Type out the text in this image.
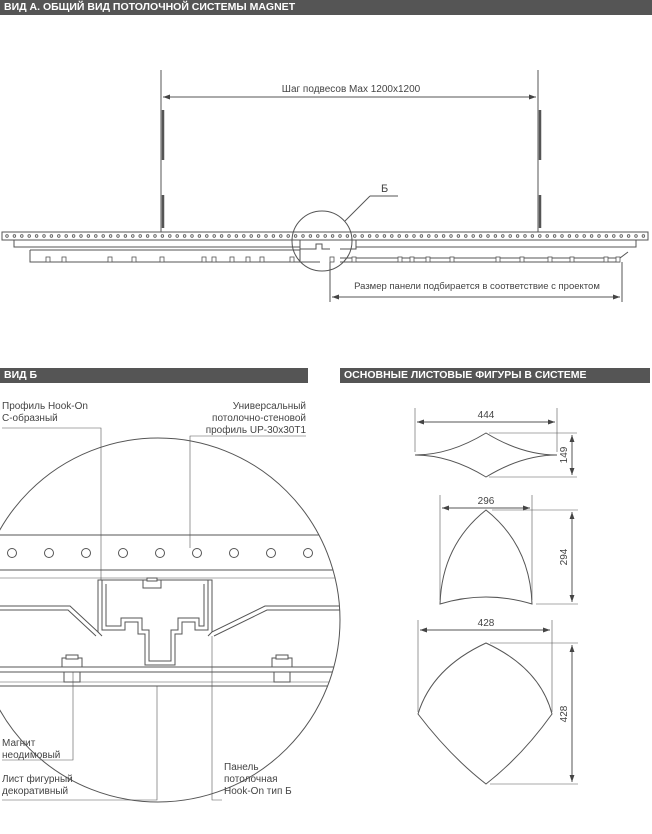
ВИД А. ОБЩИЙ ВИД ПОТОЛОЧНОЙ СИСТЕМЫ MAGNET
ВИД Б	ОСНОВНЫЕ ЛИСТОВЫЕ ФИГУРЫ В СИСТЕМЕ
Шаг подвесов Max 1200x1200
Б
Размер панели подбирается в соответствие с проектом
444
149
296
294
428
428
Профиль Hook-On
C-образный
Универсальный
потолочно-стеновой
профиль UP-30x30T1
Магнит
неодимовый
Лист фигурный
декоративный
Панель
потолочная
Hook-On тип Б
